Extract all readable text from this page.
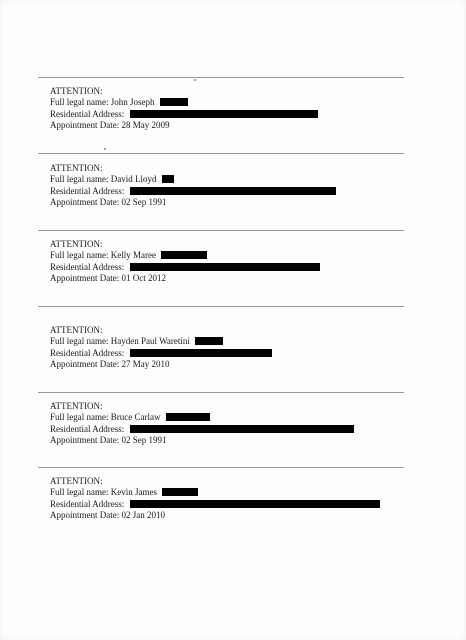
ATTENTION:
Full legal name: John Joseph
Residential Address:
Appointment Date: 28 May 2009
ATTENTION:
Full legal name: David Lloyd
Residential Address:
Appointment Date: 02 Sep 1991
ATTENTION:
Full legal name: Kelly Maree
Residential Address:
Appointment Date: 01 Oct 2012
ATTENTION:
Full legal name: Hayden Paul Waretini
Residential Address:
Appointment Date: 27 May 2010
ATTENTION:
Full legal name: Bruce Carlaw
Residential Address:
Appointment Date: 02 Sep 1991
ATTENTION:
Full legal name: Kevin James
Residential Address:
Appointment Date: 02 Jan 2010
